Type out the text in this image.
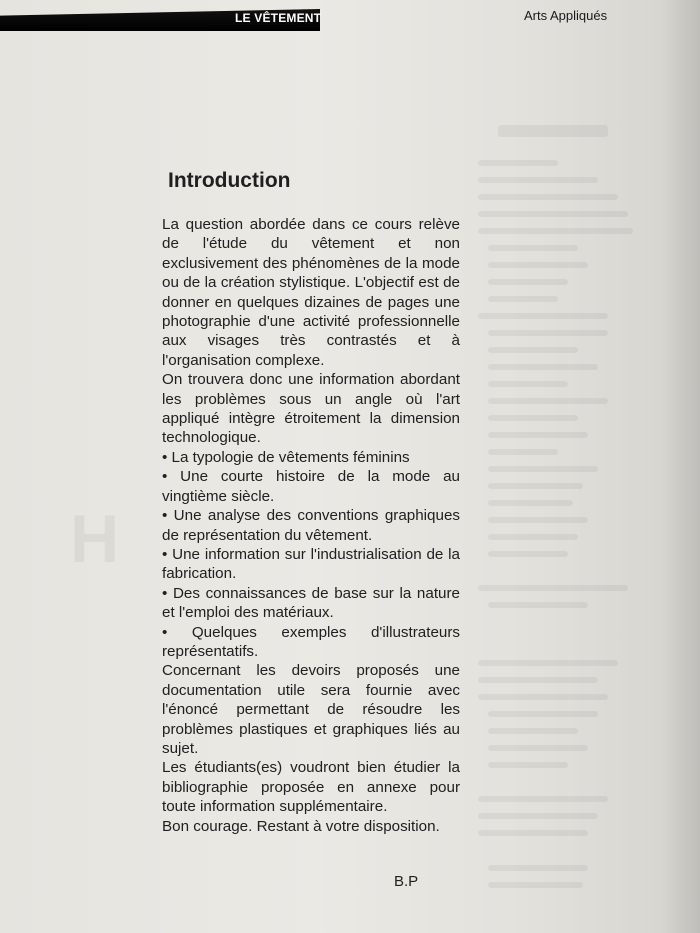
H
LE VÊTEMENT	Arts Appliqués
Introduction

La question abordée dans ce cours relève de l'étude du vêtement et non exclusivement des phénomènes de la mode ou de la création stylistique. L'objectif est de donner en quelques dizaines de pages une photographie d'une activité professionnelle aux visages très contrastés et à l'organisation complexe.

On trouvera donc une information abordant les problèmes sous un angle où l'art appliqué intègre étroitement la dimension technologique.

• La typologie de vêtements féminins

• Une courte histoire de la mode au vingtième siècle.

• Une analyse des conventions graphiques de représentation du vêtement.

• Une information sur l'industrialisation de la fabrication.

• Des connaissances de base sur la nature et l'emploi des matériaux.

• Quelques exemples d'illustrateurs représentatifs.

Concernant les devoirs proposés une documentation utile sera fournie avec l'énoncé permettant de résoudre les problèmes plastiques et graphiques liés au sujet.

Les étudiants(es) voudront bien étudier la bibliographie proposée en annexe pour toute information supplémentaire.

Bon courage. Restant à votre disposition.

B.P
